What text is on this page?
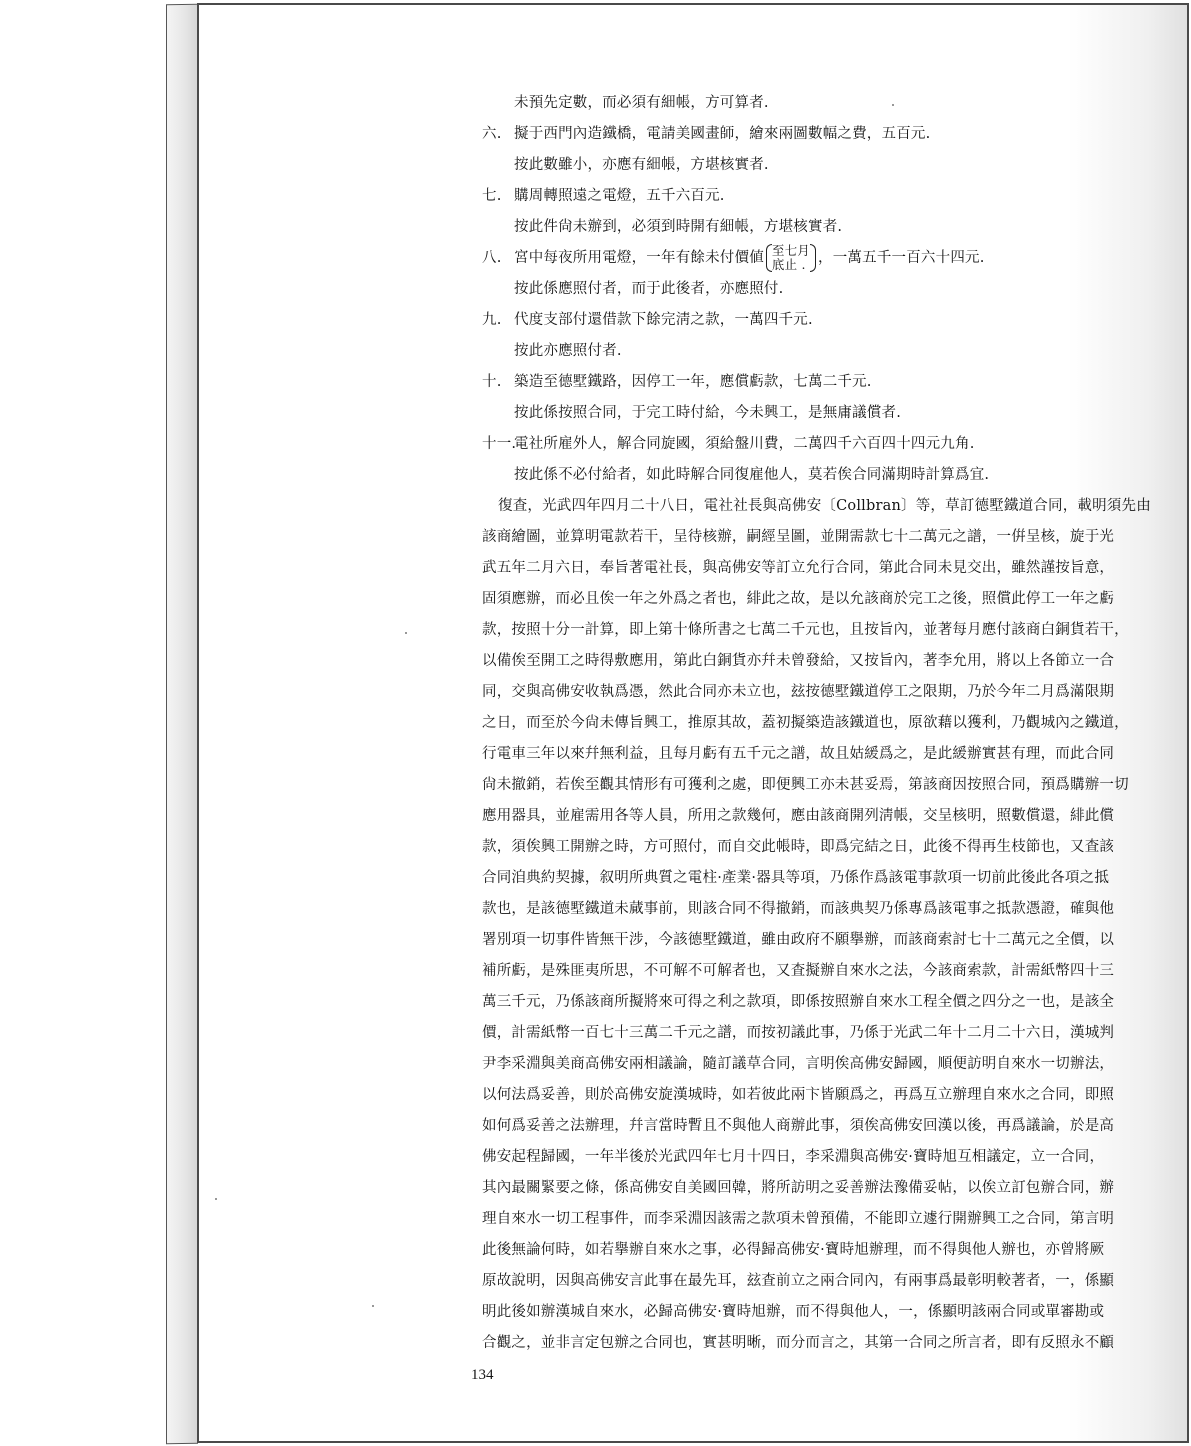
未預先定數，而必須有細帳，方可算者.
六. 擬于西門內造鐵橋，電請美國畫師，繪來兩圖數幅之費，五百元.
按此數雖小，亦應有細帳，方堪核實者.
七. 購周轉照遠之電燈，五千六百元.
按此件尙未辦到，必須到時開有細帳，方堪核實者.
八. 宮中每夜所用電燈，一年有餘未付價値 至七月
底止 . ，一萬五千一百六十四元.
按此係應照付者，而于此後者，亦應照付.
九. 代度支部付還借款下餘完淸之款，一萬四千元.
按此亦應照付者.
十. 築造至德墅鐵路，因停工一年，應償虧款，七萬二千元.
按此係按照合同，于完工時付給，今未興工，是無庸議償者.
十一.電社所雇外人，解合同旋國，須給盤川費，二萬四千六百四十四元九角.
按此係不必付給者，如此時解合同復雇他人，莫若俟合同滿期時計算爲宜.
復査，光武四年四月二十八日，電社社長與高佛安〔Collbran〕等，草訂德墅鐵道合同，載明須先由
該商繪圖，並算明電款若干，呈待核辦，嗣經呈圖，並開需款七十二萬元之譜，一倂呈核，旋于光
武五年二月六日，奉旨著電社長，與高佛安等訂立允行合同，第此合同未見交出，雖然謹按旨意，
固須應辦，而必且俟一年之外爲之者也，緋此之故，是以允該商於完工之後，照償此停工一年之虧
款，按照十分一計算，即上第十條所書之七萬二千元也，且按旨內，並著每月應付該商白銅貨若干，
以備俟至開工之時得敷應用，第此白銅貨亦幷未曾發給，又按旨內，著李允用，將以上各節立一合
同，交與高佛安收執爲憑，然此合同亦未立也，玆按德墅鐵道停工之限期，乃於今年二月爲滿限期
之日，而至於今尙未傳旨興工，推原其故，蓋初擬築造該鐵道也，原欲藉以獲利，乃觀城內之鐵道，
行電車三年以來幷無利益，且每月虧有五千元之譜，故且姑緩爲之，是此緩辦實甚有理，而此合同
尙未撤銷，若俟至觀其情形有可獲利之處，即便興工亦未甚妥焉，第該商因按照合同，預爲購辦一切
應用器具，並雇需用各等人員，所用之款幾何，應由該商開列淸帳，交呈核明，照數償還，緋此償
款，須俟興工開辦之時，方可照付，而自交此帳時，即爲完結之日，此後不得再生枝節也，又査該
合同洎典約契據，叙明所典質之電柱·產業·器具等項，乃係作爲該電事款項一切前此後此各項之抵
款也，是該德墅鐵道未蕆事前，則該合同不得撤銷，而該典契乃係專爲該電事之抵款憑證，確與他
署別項一切事件皆無干涉，今該德墅鐵道，雖由政府不願擧辦，而該商索討七十二萬元之全價，以
補所虧，是殊匪夷所思，不可解不可解者也，又査擬辦自來水之法，今該商索款，計需紙幣四十三
萬三千元，乃係該商所擬將來可得之利之款項，即係按照辦自來水工程全價之四分之一也，是該全
價，計需紙幣一百七十三萬二千元之譜，而按初議此事，乃係于光武二年十二月二十六日，漢城判
尹李采淵與美商高佛安兩相議論，隨訂議草合同，言明俟高佛安歸國，順便訪明自來水一切辦法，
以何法爲妥善，則於高佛安旋漢城時，如若彼此兩卞皆願爲之，再爲互立辦理自來水之合同，即照
如何爲妥善之法辦理，幷言當時暫且不與他人商辦此事，須俟高佛安回漢以後，再爲議論，於是高
佛安起程歸國，一年半後於光武四年七月十四日，李采淵與高佛安·寶時旭互相議定，立一合同，
其內最關緊要之條，係高佛安自美國回韓，將所訪明之妥善辦法豫備妥帖，以俟立訂包辦合同，辦
理自來水一切工程事件，而李采淵因該需之款項未曾預備，不能即立遽行開辦興工之合同，第言明
此後無論何時，如若擧辦自來水之事，必得歸高佛安·寶時旭辦理，而不得與他人辦也，亦曾將厥
原故說明，因與高佛安言此事在最先耳，玆査前立之兩合同內，有兩事爲最彰明較著者，一，係顯
明此後如辦漢城自來水，必歸高佛安·寶時旭辦，而不得與他人，一，係顯明該兩合同或單審勘或
合觀之，並非言定包辦之合同也，實甚明晰，而分而言之，其第一合同之所言者，即有反照永不顧
134
